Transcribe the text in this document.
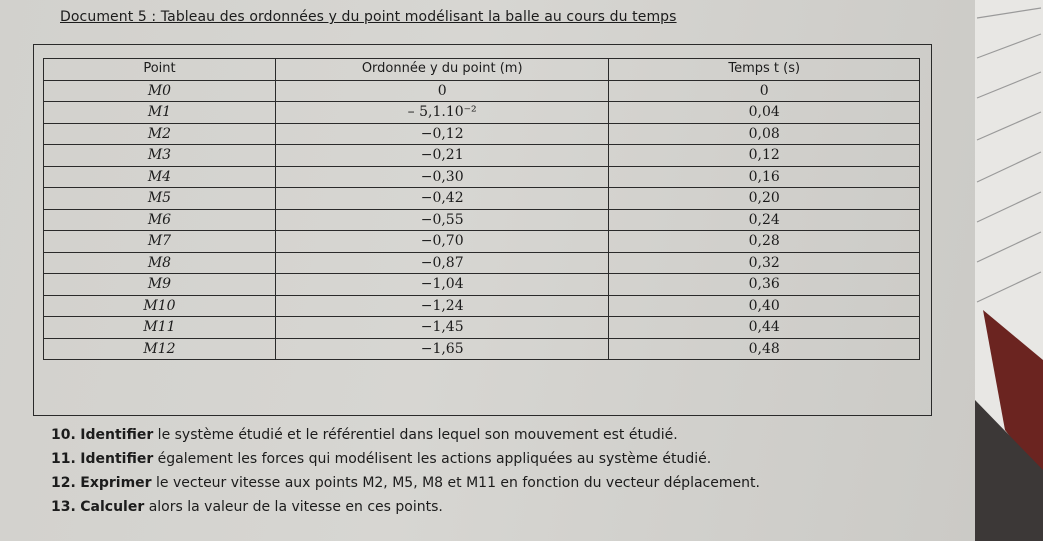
Document 5 : Tableau des ordonnées y du point modélisant la balle au cours du temps
Point	Ordonnée y du point (m)	Temps t (s)
M0	0	0
M1	– 5,1.10⁻²	0,04
M2	−0,12	0,08
M3	−0,21	0,12
M4	−0,30	0,16
M5	−0,42	0,20
M6	−0,55	0,24
M7	−0,70	0,28
M8	−0,87	0,32
M9	−1,04	0,36
M10	−1,24	0,40
M11	−1,45	0,44
M12	−1,65	0,48
10. Identifier le système étudié et le référentiel dans lequel son mouvement est étudié.
11. Identifier également les forces qui modélisent les actions appliquées au système étudié.
12. Exprimer le vecteur vitesse aux points M2, M5, M8 et M11 en fonction du vecteur déplacement.
13. Calculer alors la valeur de la vitesse en ces points.
